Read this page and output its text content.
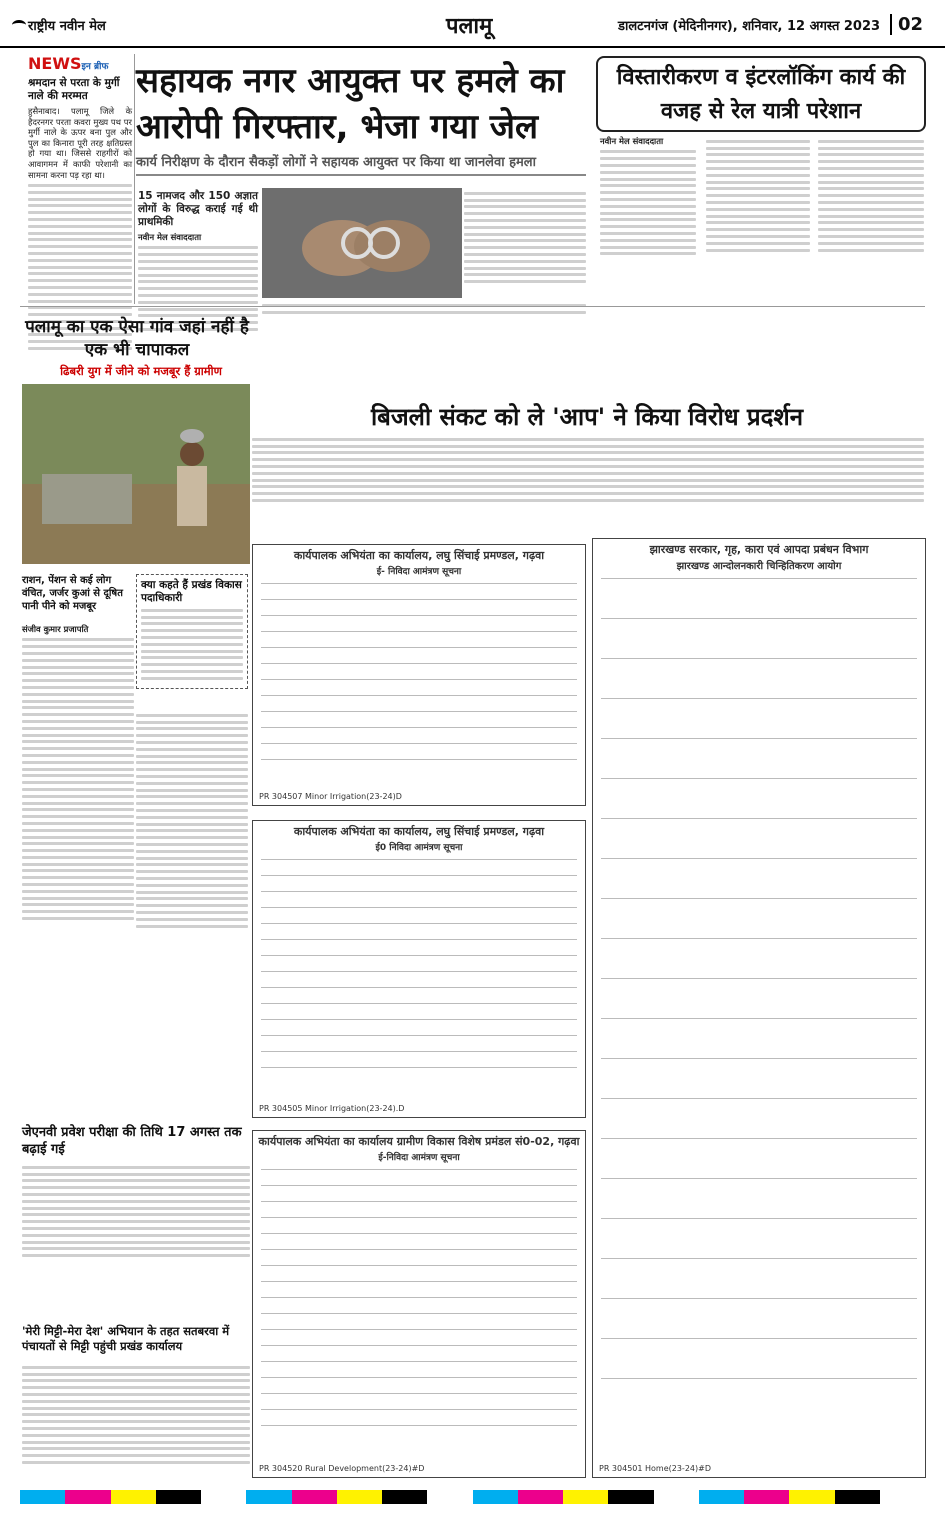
राष्ट्रीय नवीन मेल	पलामू	डालटनगंज (मेदिनीनगर), शनिवार, 12 अगस्त 2023 02
NEWSइन ब्रीफ
श्रमदान से परता के मुर्गी नाले की मरम्मत
हुसैनाबाद। पलामू जिले के हैदरनगर परता कवरा मुख्य पथ पर मुर्गी नाले के ऊपर बना पुल और पुल का किनारा पूरी तरह क्षतिग्रस्त हो गया था। जिससे राहगीरों को आवागमन में काफी परेशानी का सामना करना पड़ रहा था।
सहायक नगर आयुक्त पर हमले का आरोपी गिरफ्तार, भेजा गया जेल
कार्य निरीक्षण के दौरान सैकड़ों लोगों ने सहायक आयुक्त पर किया था जानलेवा हमला
15 नामजद और 150 अज्ञात लोगों के विरुद्ध कराई गई थी प्राथमिकी
नवीन मेल संवाददाता
विस्तारीकरण व इंटरलॉकिंग कार्य की वजह से रेल यात्री परेशान
नवीन मेल संवाददाता
पलामू का एक ऐसा गांव जहां नहीं है एक भी चापाकल
ढिबरी युग में जीने को मजबूर हैं ग्रामीण
राशन, पेंशन से कई लोग वंचित, जर्जर कुआं से दूषित पानी पीने को मजबूर
संजीव कुमार प्रजापति
क्या कहते हैं प्रखंड विकास पदाधिकारी
बिजली संकट को ले 'आप' ने किया विरोध प्रदर्शन
कार्यपालक अभियंता का कार्यालय, लघु सिंचाई प्रमण्डल, गढ़वा
ई- निविदा आमंत्रण सूचना
PR 304507 Minor Irrigation(23-24)D
कार्यपालक अभियंता का कार्यालय, लघु सिंचाई प्रमण्डल, गढ़वा
ई0 निविदा आमंत्रण सूचना
PR 304505 Minor Irrigation(23-24).D
जेएनवी प्रवेश परीक्षा की तिथि 17 अगस्त तक बढ़ाई गई
'मेरी मिट्टी-मेरा देश' अभियान के तहत सतबरवा में पंचायतों से मिट्टी पहुंची प्रखंड कार्यालय
कार्यपालक अभियंता का कार्यालय ग्रामीण विकास विशेष प्रमंडल सं0-02, गढ़वा
ई-निविदा आमंत्रण सूचना
PR 304520 Rural Development(23-24)#D
झारखण्ड सरकार, गृह, कारा एवं आपदा प्रबंधन विभाग
झारखण्ड आन्दोलनकारी चिन्हितिकरण आयोग
PR 304501 Home(23-24)#D
